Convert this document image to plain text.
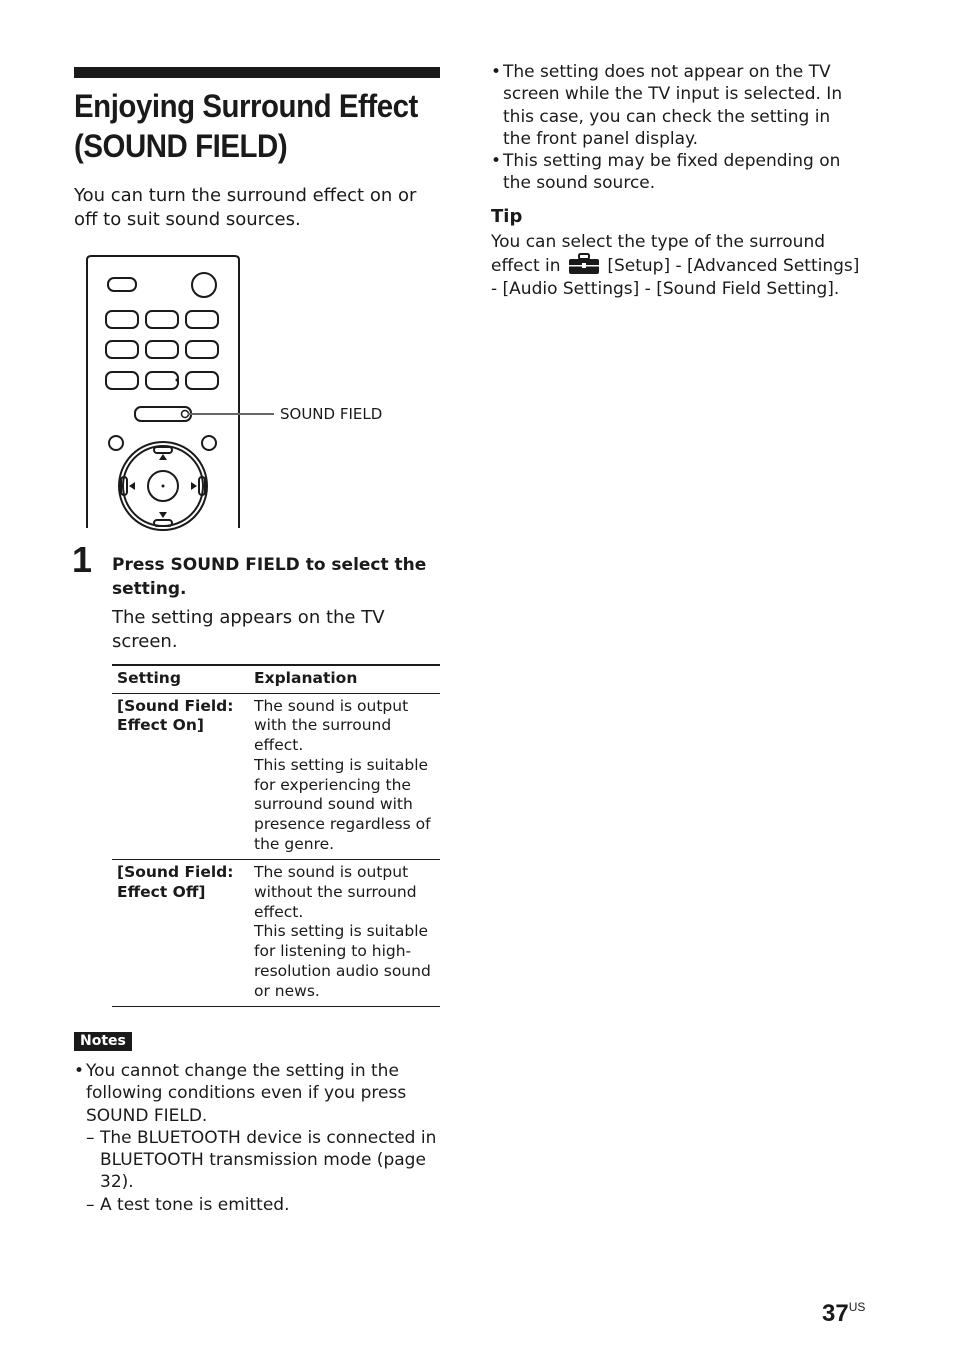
Enjoying Surround Effect (SOUND FIELD)

You can turn the surround effect on or off to suit sound sources.

SOUND FIELD
1 Press SOUND FIELD to select the setting.

The setting appears on the TV screen.

Setting	Explanation
[Sound Field: Effect On]	The sound is output with the surround effect.
This setting is suitable for experiencing the surround sound with presence regardless of the genre.

[Sound Field: Effect Off]	The sound is output without the surround effect.
This setting is suitable for listening to high-resolution audio sound or news.
Notes
• You cannot change the setting in the following conditions even if you press SOUND FIELD.
– The BLUETOOTH device is connected in BLUETOOTH transmission mode (page 32).
– A test tone is emitted.
• The setting does not appear on the TV screen while the TV input is selected. In this case, you can check the setting in the front panel display.
• This setting may be fixed depending on the sound source.
Tip

You can select the type of the surround effect in	[Setup] - [Advanced Settings] - [Audio Settings] - [Sound Field Setting].

$37^{US}$
